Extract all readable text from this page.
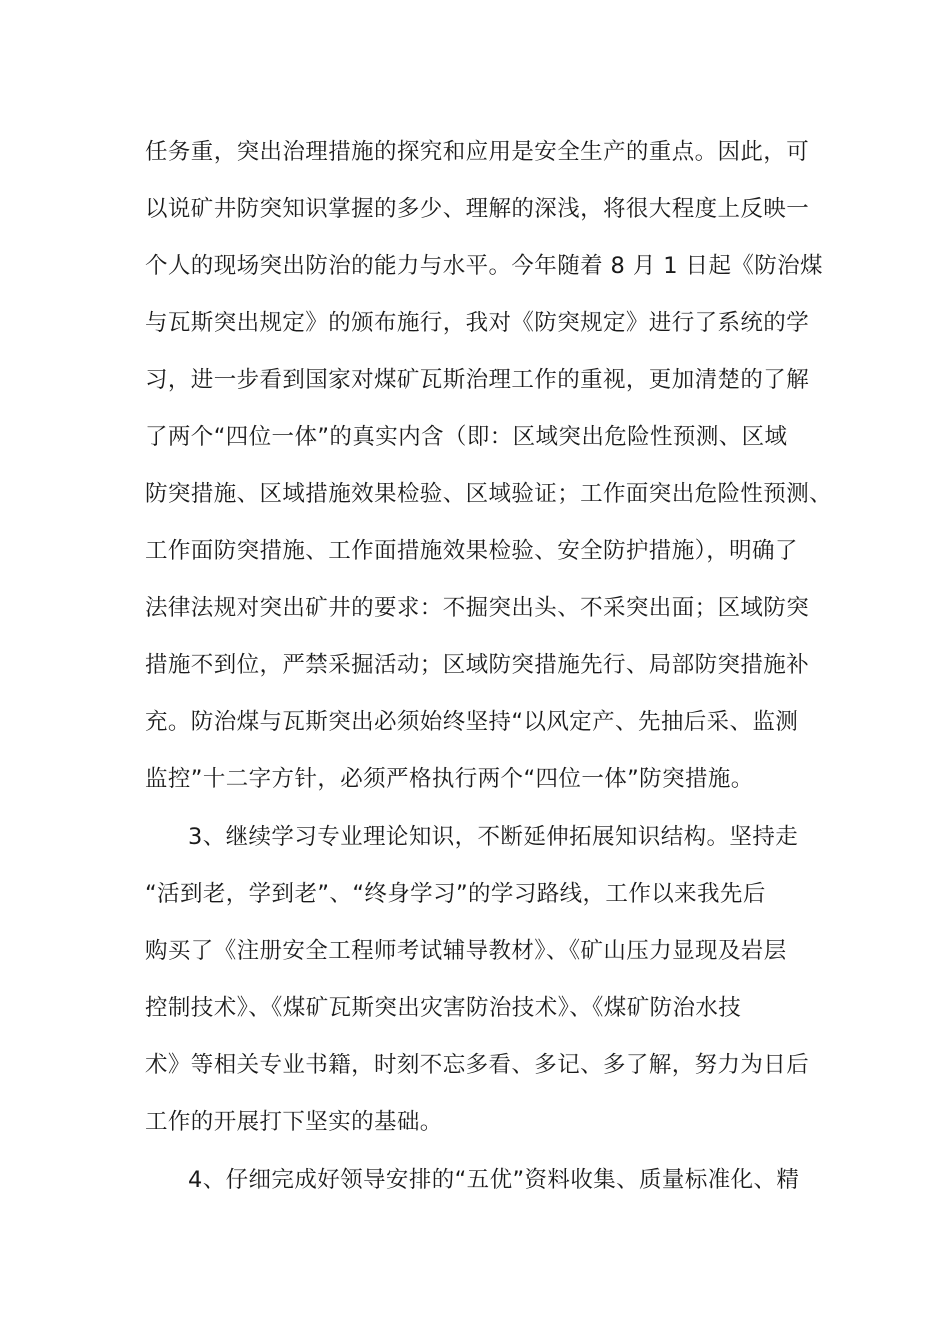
任务重，突出治理措施的探究和应用是安全生产的重点。因此，可
以说矿井防突知识掌握的多少、理解的深浅，将很大程度上反映一
个人的现场突出防治的能力与水平。今年随着 8 月 1 日起《防治煤
与瓦斯突出规定》的颁布施行，我对《防突规定》进行了系统的学
习，进一步看到国家对煤矿瓦斯治理工作的重视，更加清楚的了解
了两个“四位一体”的真实内含（即：区域突出危险性预测、区域
防突措施、区域措施效果检验、区域验证；工作面突出危险性预测、
工作面防突措施、工作面措施效果检验、安全防护措施），明确了
法律法规对突出矿井的要求：不掘突出头、不采突出面；区域防突
措施不到位，严禁采掘活动；区域防突措施先行、局部防突措施补
充。防治煤与瓦斯突出必须始终坚持“以风定产、先抽后采、监测
监控”十二字方针，必须严格执行两个“四位一体”防突措施。
3、继续学习专业理论知识，不断延伸拓展知识结构。坚持走
“活到老，学到老”、“终身学习”的学习路线，工作以来我先后
购买了《注册安全工程师考试辅导教材》、《矿山压力显现及岩层
控制技术》、《煤矿瓦斯突出灾害防治技术》、《煤矿防治水技
术》等相关专业书籍，时刻不忘多看、多记、多了解，努力为日后
工作的开展打下坚实的基础。
4、仔细完成好领导安排的“五优”资料收集、质量标准化、精
